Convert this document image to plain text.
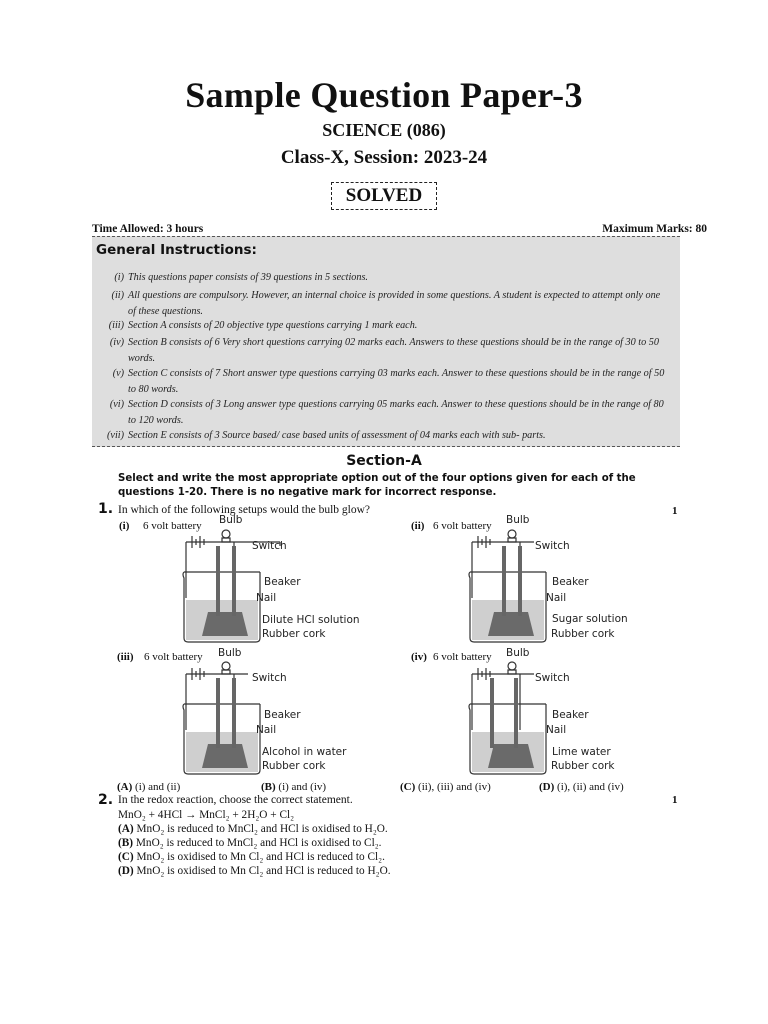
Sample Question Paper-3
SCIENCE (086)
Class-X, Session: 2023-24
SOLVED
Time Allowed: 3 hours	Maximum Marks: 80
General Instructions:
(i) This questions paper consists of 39 questions in 5 sections.
(ii) All questions are compulsory. However, an internal choice is provided in some questions. A student is expected to attempt only one of these questions.
(iii) Section A consists of 20 objective type questions carrying 1 mark each.
(iv) Section B consists of 6 Very short questions carrying 02 marks each. Answers to these questions should be in the range of 30 to 50 words.
(v) Section C consists of 7 Short answer type questions carrying 03 marks each. Answer to these questions should be in the range of 50 to 80 words.
(vi) Section D consists of 3 Long answer type questions carrying 05 marks each. Answer to these questions should be in the range of 80 to 120 words.
(vii) Section E consists of 3 Source based/ case based units of assessment of 04 marks each with sub- parts.
Section-A
Select and write the most appropriate option out of the four options given for each of the questions 1-20. There is no negative mark for incorrect response.
1. In which of the following setups would the bulb glow?	1
(i) 6 volt battery Bulb
Switch
Beaker
Nail
Dilute HCl solution
Rubber cork
(ii) 6 volt battery Bulb
Switch
Beaker
Nail
Sugar solution
Rubber cork
(iii) 6 volt battery Bulb
Switch
Beaker
Nail
Alcohol in water
Rubber cork
(iv) 6 volt battery Bulb
Switch
Beaker
Nail
Lime water
Rubber cork
(A) (i) and (ii)	(B) (i) and (iv)	(C) (ii), (iii) and (iv)	(D) (i), (ii) and (iv)
2. In the redox reaction, choose the correct statement.	1
MnO₂ + 4HCl → MnCl₂ + 2H₂O + Cl₂
(A) MnO₂ is reduced to MnCl₂ and HCl is oxidised to H₂O.
(B) MnO₂ is reduced to MnCl₂ and HCl is oxidised to Cl₂.
(C) MnO₂ is oxidised to Mn Cl₂ and HCl is reduced to Cl₂.
(D) MnO₂ is oxidised to Mn Cl₂ and HCl is reduced to H₂O.
